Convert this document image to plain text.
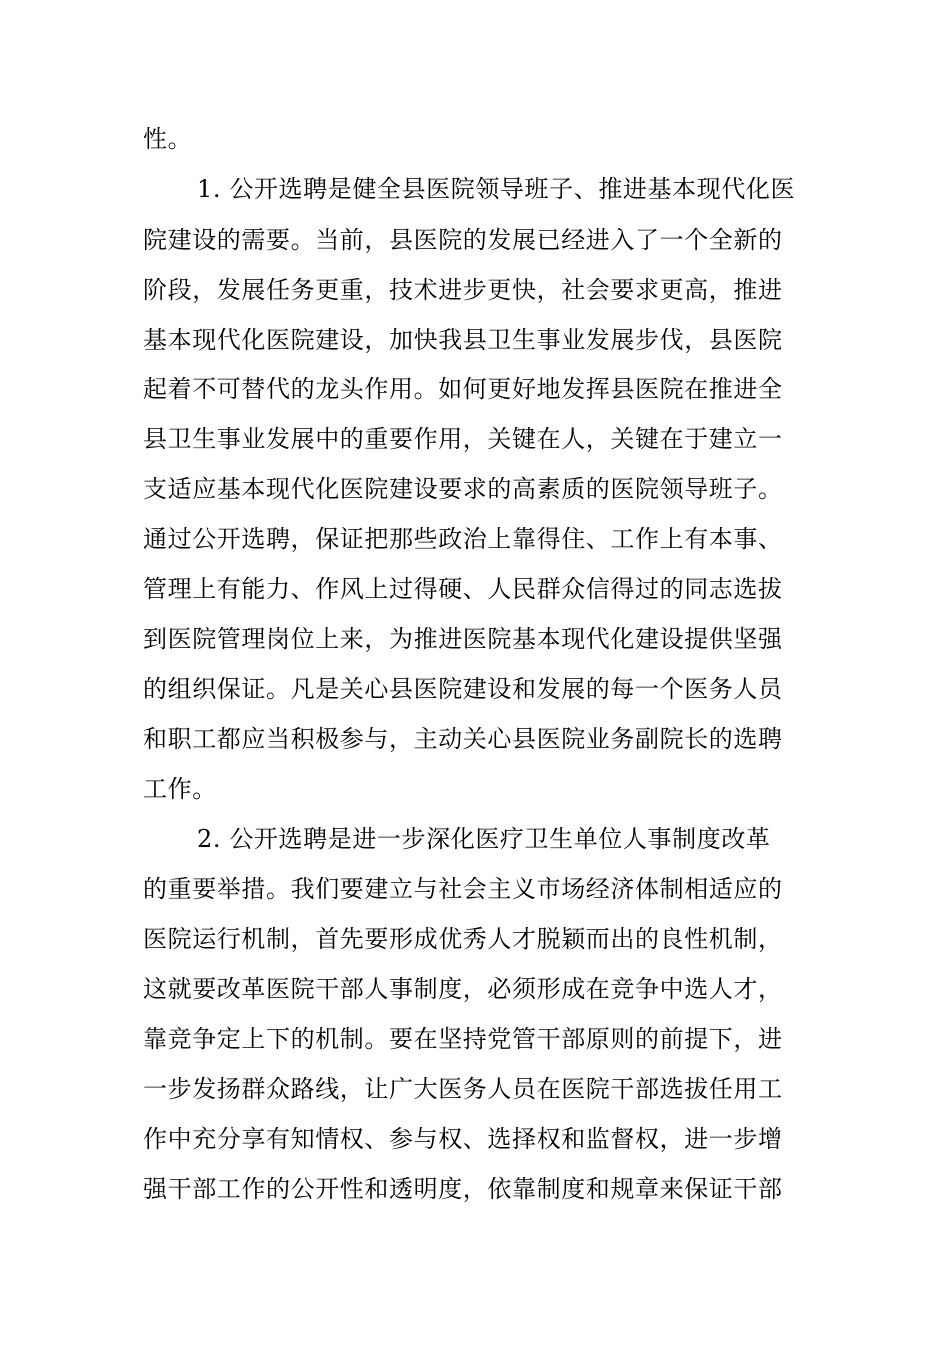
性。
1. 公开选聘是健全县医院领导班子、推进基本现代化医
院建设的需要。当前，县医院的发展已经进入了一个全新的
阶段，发展任务更重，技术进步更快，社会要求更高，推进
基本现代化医院建设，加快我县卫生事业发展步伐，县医院
起着不可替代的龙头作用。如何更好地发挥县医院在推进全
县卫生事业发展中的重要作用，关键在人，关键在于建立一
支适应基本现代化医院建设要求的高素质的医院领导班子。
通过公开选聘，保证把那些政治上靠得住、工作上有本事、
管理上有能力、作风上过得硬、人民群众信得过的同志选拔
到医院管理岗位上来，为推进医院基本现代化建设提供坚强
的组织保证。凡是关心县医院建设和发展的每一个医务人员
和职工都应当积极参与，主动关心县医院业务副院长的选聘
工作。
2. 公开选聘是进一步深化医疗卫生单位人事制度改革
的重要举措。我们要建立与社会主义市场经济体制相适应的
医院运行机制，首先要形成优秀人才脱颖而出的良性机制，
这就要改革医院干部人事制度，必须形成在竞争中选人才，
靠竞争定上下的机制。要在坚持党管干部原则的前提下，进
一步发扬群众路线，让广大医务人员在医院干部选拔任用工
作中充分享有知情权、参与权、选择权和监督权，进一步增
强干部工作的公开性和透明度，依靠制度和规章来保证干部
